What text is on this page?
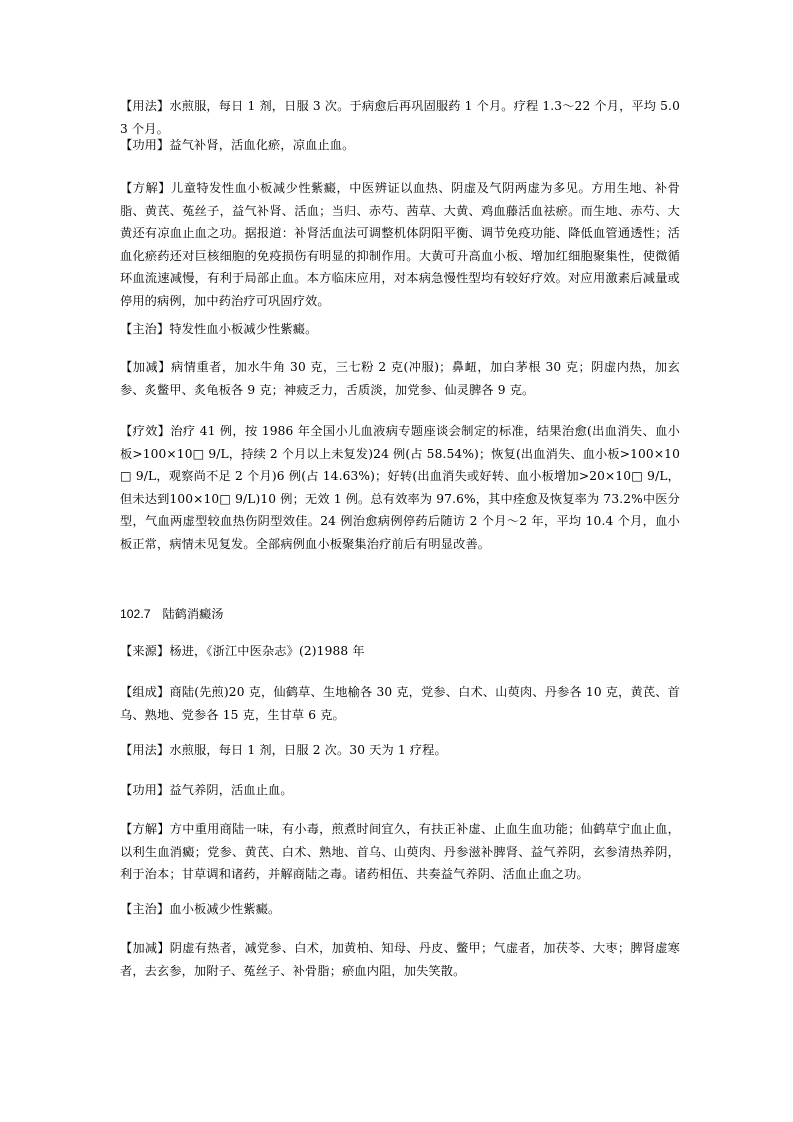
【用法】水煎服，每日 1 剂，日服 3 次。于病愈后再巩固服药 1 个月。疗程 1.3～22 个月，平均 5.03 个月。

【功用】益气补肾，活血化瘀，凉血止血。

【方解】儿童特发性血小板减少性紫癜，中医辨证以血热、阴虚及气阴两虚为多见。方用生地、补骨脂、黄芪、菟丝子，益气补肾、活血；当归、赤芍、茜草、大黄、鸡血藤活血祛瘀。而生地、赤芍、大黄还有凉血止血之功。据报道：补肾活血法可调整机体阴阳平衡、调节免疫功能、降低血管通透性；活血化瘀药还对巨核细胞的免疫损伤有明显的抑制作用。大黄可升高血小板、增加红细胞聚集性，使微循环血流速减慢，有利于局部止血。本方临床应用，对本病急慢性型均有较好疗效。对应用激素后减量或停用的病例，加中药治疗可巩固疗效。

【主治】特发性血小板减少性紫癜。

【加减】病情重者，加水牛角 30 克，三七粉 2 克(冲服)；鼻衄，加白茅根 30 克；阴虚内热，加玄参、炙鳖甲、炙龟板各 9 克；神疲乏力，舌质淡，加党参、仙灵脾各 9 克。

【疗效】治疗 41 例，按 1986 年全国小儿血液病专题座谈会制定的标准，结果治愈(出血消失、血小板>100×10□ 9/L，持续 2 个月以上未复发)24 例(占 58.54%)；恢复(出血消失、血小板>100×10□ 9/L，观察尚不足 2 个月)6 例(占 14.63%)；好转(出血消失或好转、血小板增加>20×10□ 9/L，但未达到100×10□ 9/L)10 例；无效 1 例。总有效率为 97.6%，其中痊愈及恢复率为 73.2%中医分型，气血两虚型较血热伤阴型效佳。24 例治愈病例停药后随访 2 个月～2 年，平均 10.4 个月，血小板正常，病情未见复发。全部病例血小板聚集治疗前后有明显改善。

102.7 陆鹤消癜汤

【来源】杨进，《浙江中医杂志》(2)1988 年

【组成】商陆(先煎)20 克，仙鹤草、生地榆各 30 克，党参、白术、山萸肉、丹参各 10 克，黄芪、首乌、熟地、党参各 15 克，生甘草 6 克。

【用法】水煎服，每日 1 剂，日服 2 次。30 天为 1 疗程。

【功用】益气养阴，活血止血。

【方解】方中重用商陆一味，有小毒，煎煮时间宜久，有扶正补虚、止血生血功能；仙鹤草宁血止血，以利生血消癜；党参、黄芪、白术、熟地、首乌、山萸肉、丹参滋补脾肾、益气养阴，玄参清热养阴，利于治本；甘草调和诸药，并解商陆之毒。诸药相伍、共奏益气养阴、活血止血之功。

【主治】血小板减少性紫癜。

【加减】阴虚有热者，减党参、白术，加黄柏、知母、丹皮、鳖甲；气虚者，加茯苓、大枣；脾肾虚寒者，去玄参，加附子、菟丝子、补骨脂；瘀血内阻，加失笑散。
